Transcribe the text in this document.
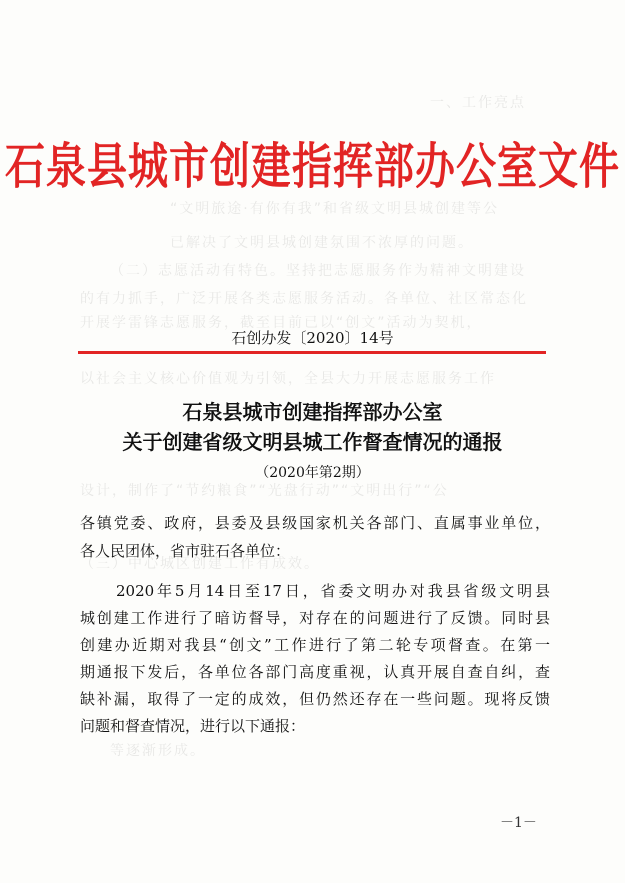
一、工作亮点
“文明旅途·有你有我”和省级文明县城创建等公
已解决了文明县城创建氛围不浓厚的问题。
（二）志愿活动有特色。坚持把志愿服务作为精神文明建设
的有力抓手，广泛开展各类志愿服务活动。各单位、社区常态化
开展学雷锋志愿服务，截至目前已以“创文”活动为契机，
以社会主义核心价值观为引领，全县大力开展志愿服务工作
设计，制作了“节约粮食”“光盘行动”“文明出行”“公
（三）中心城区创建工作有成效。
等逐渐形成。
石泉县城市创建指挥部办公室文件
石创办发〔2020〕14号
石泉县城市创建指挥部办公室
关于创建省级文明县城工作督查情况的通报
（2020年第2期）
各镇党委、政府，县委及县级国家机关各部门、直属事业单位，
各人民团体，省市驻石各单位：
2020年5月14日至17日，省委文明办对我县省级文明县
城创建工作进行了暗访督导，对存在的问题进行了反馈。同时县
创建办近期对我县“创文”工作进行了第二轮专项督查。在第一
期通报下发后，各单位各部门高度重视，认真开展自查自纠，查
缺补漏，取得了一定的成效，但仍然还存在一些问题。现将反馈
问题和督查情况，进行以下通报：
－1－
